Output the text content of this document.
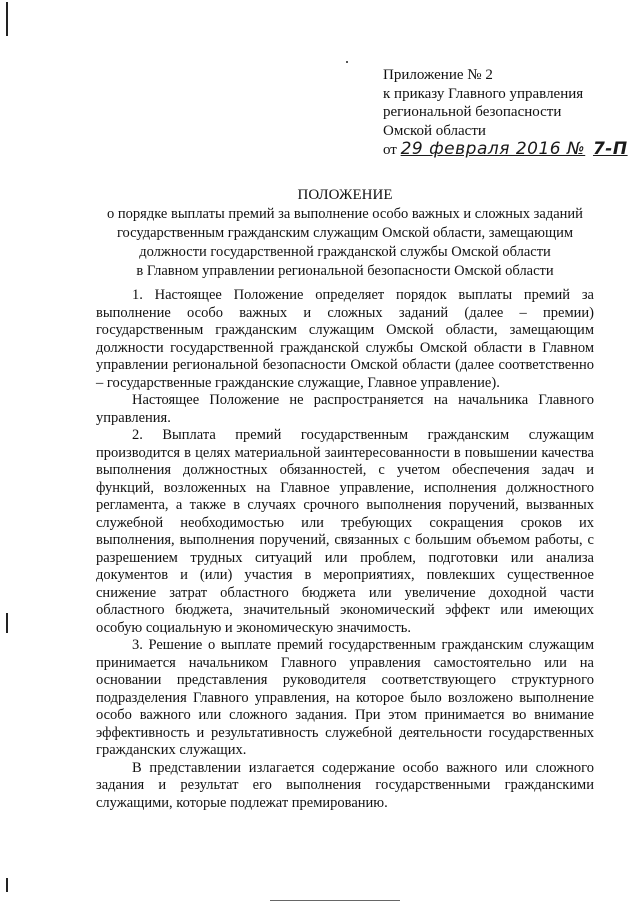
Приложение № 2
к приказу Главного управления
региональной безопасности
Омской области
от 29 февраля 2016 № 7-П
ПОЛОЖЕНИЕ
о порядке выплаты премий за выполнение особо важных и сложных заданий
государственным гражданским служащим Омской области, замещающим
должности государственной гражданской службы Омской области
в Главном управлении региональной безопасности Омской области

1. Настоящее Положение определяет порядок выплаты премий за выполнение особо важных и сложных заданий (далее – премии) государственным гражданским служащим Омской области, замещающим должности государственной гражданской службы Омской области в Главном управлении региональной безопасности Омской области (далее соответственно – государственные гражданские служащие, Главное управление).

Настоящее Положение не распространяется на начальника Главного управления.

2. Выплата премий государственным гражданским служащим производится в целях материальной заинтересованности в повышении качества выполнения должностных обязанностей, с учетом обеспечения задач и функций, возложенных на Главное управление, исполнения должностного регламента, а также в случаях срочного выполнения поручений, вызванных служебной необходимостью или требующих сокращения сроков их выполнения, выполнения поручений, связанных с большим объемом работы, с разрешением трудных ситуаций или проблем, подготовки или анализа документов и (или) участия в мероприятиях, повлекших существенное снижение затрат областного бюджета или увеличение доходной части областного бюджета, значительный экономический эффект или имеющих особую социальную и экономическую значимость.

3. Решение о выплате премий государственным гражданским служащим принимается начальником Главного управления самостоятельно или на основании представления руководителя соответствующего структурного подразделения Главного управления, на которое было возложено выполнение особо важного или сложного задания. При этом принимается во внимание эффективность и результативность служебной деятельности государственных гражданских служащих.

В представлении излагается содержание особо важного или сложного задания и результат его выполнения государственными гражданскими служащими, которые подлежат премированию.
